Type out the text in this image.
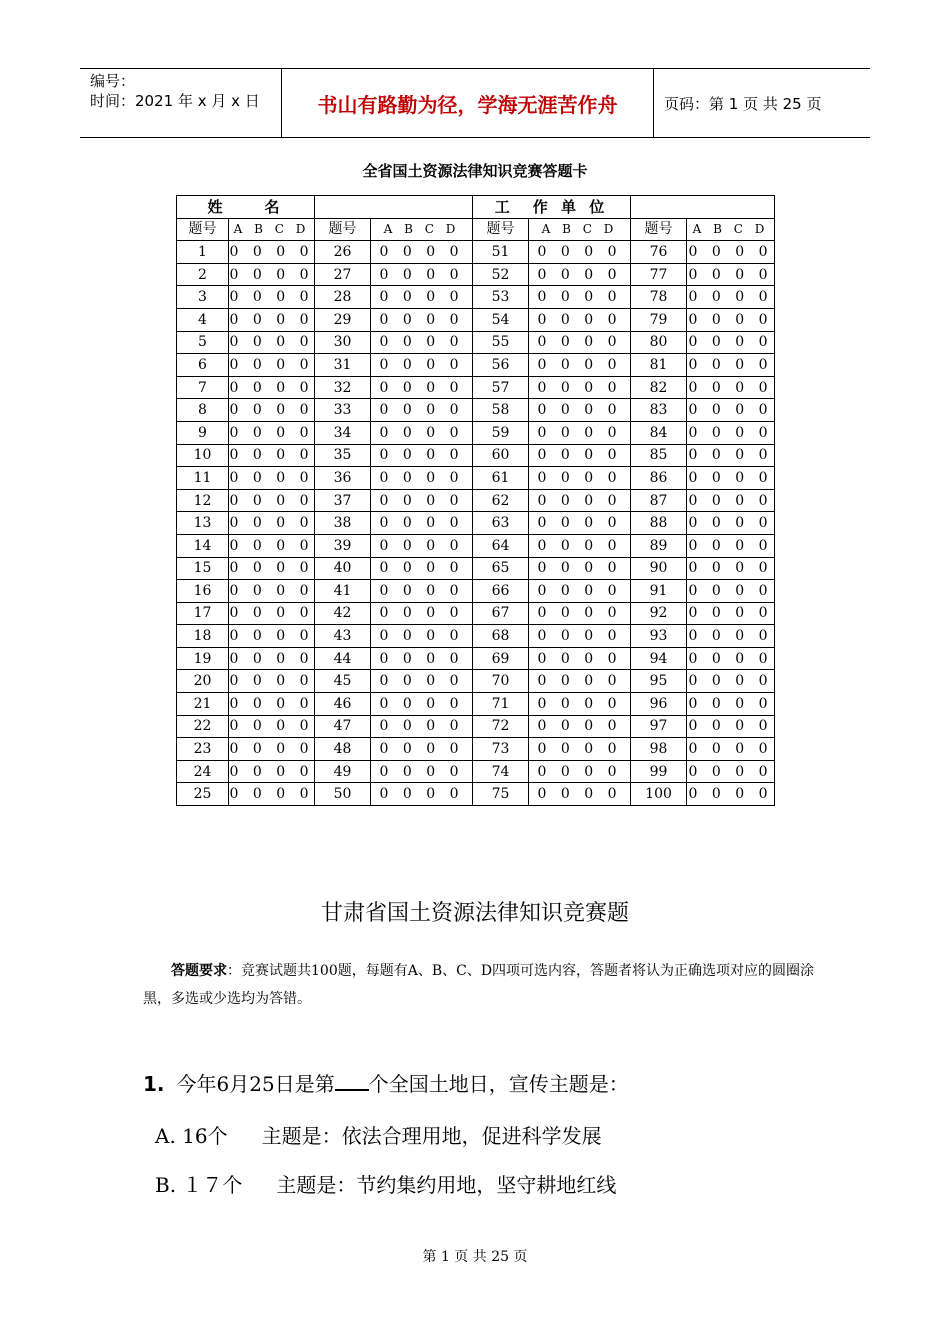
编号：
时间：2021 年 x 月 x 日	书山有路勤为径，学海无涯苦作舟	页码：第 1 页 共 25 页
全省国土资源法律知识竞赛答题卡
姓　　名				工　作 单 位			
题号	A B C D	题号	A B C D	题号	A B C D	题号	A B C D
1	0 0 0 0	26	0 0 0 0	51	0 0 0 0	76	0 0 0 0
2	0 0 0 0	27	0 0 0 0	52	0 0 0 0	77	0 0 0 0
3	0 0 0 0	28	0 0 0 0	53	0 0 0 0	78	0 0 0 0
4	0 0 0 0	29	0 0 0 0	54	0 0 0 0	79	0 0 0 0
5	0 0 0 0	30	0 0 0 0	55	0 0 0 0	80	0 0 0 0
6	0 0 0 0	31	0 0 0 0	56	0 0 0 0	81	0 0 0 0
7	0 0 0 0	32	0 0 0 0	57	0 0 0 0	82	0 0 0 0
8	0 0 0 0	33	0 0 0 0	58	0 0 0 0	83	0 0 0 0
9	0 0 0 0	34	0 0 0 0	59	0 0 0 0	84	0 0 0 0
10	0 0 0 0	35	0 0 0 0	60	0 0 0 0	85	0 0 0 0
11	0 0 0 0	36	0 0 0 0	61	0 0 0 0	86	0 0 0 0
12	0 0 0 0	37	0 0 0 0	62	0 0 0 0	87	0 0 0 0
13	0 0 0 0	38	0 0 0 0	63	0 0 0 0	88	0 0 0 0
14	0 0 0 0	39	0 0 0 0	64	0 0 0 0	89	0 0 0 0
15	0 0 0 0	40	0 0 0 0	65	0 0 0 0	90	0 0 0 0
16	0 0 0 0	41	0 0 0 0	66	0 0 0 0	91	0 0 0 0
17	0 0 0 0	42	0 0 0 0	67	0 0 0 0	92	0 0 0 0
18	0 0 0 0	43	0 0 0 0	68	0 0 0 0	93	0 0 0 0
19	0 0 0 0	44	0 0 0 0	69	0 0 0 0	94	0 0 0 0
20	0 0 0 0	45	0 0 0 0	70	0 0 0 0	95	0 0 0 0
21	0 0 0 0	46	0 0 0 0	71	0 0 0 0	96	0 0 0 0
22	0 0 0 0	47	0 0 0 0	72	0 0 0 0	97	0 0 0 0
23	0 0 0 0	48	0 0 0 0	73	0 0 0 0	98	0 0 0 0
24	0 0 0 0	49	0 0 0 0	74	0 0 0 0	99	0 0 0 0
25	0 0 0 0	50	0 0 0 0	75	0 0 0 0	100	0 0 0 0
甘肃省国土资源法律知识竞赛题
答题要求：竞赛试题共100题，每题有A、B、C、D四项可选内容，答题者将认为正确选项对应的圆圈涂黑，多选或少选均为答错。
1. 今年6月25日是第 个全国土地日，宣传主题是：
A. 16个 主题是：依法合理用地，促进科学发展
B. １７个 主题是：节约集约用地，坚守耕地红线
第 1 页 共 25 页
